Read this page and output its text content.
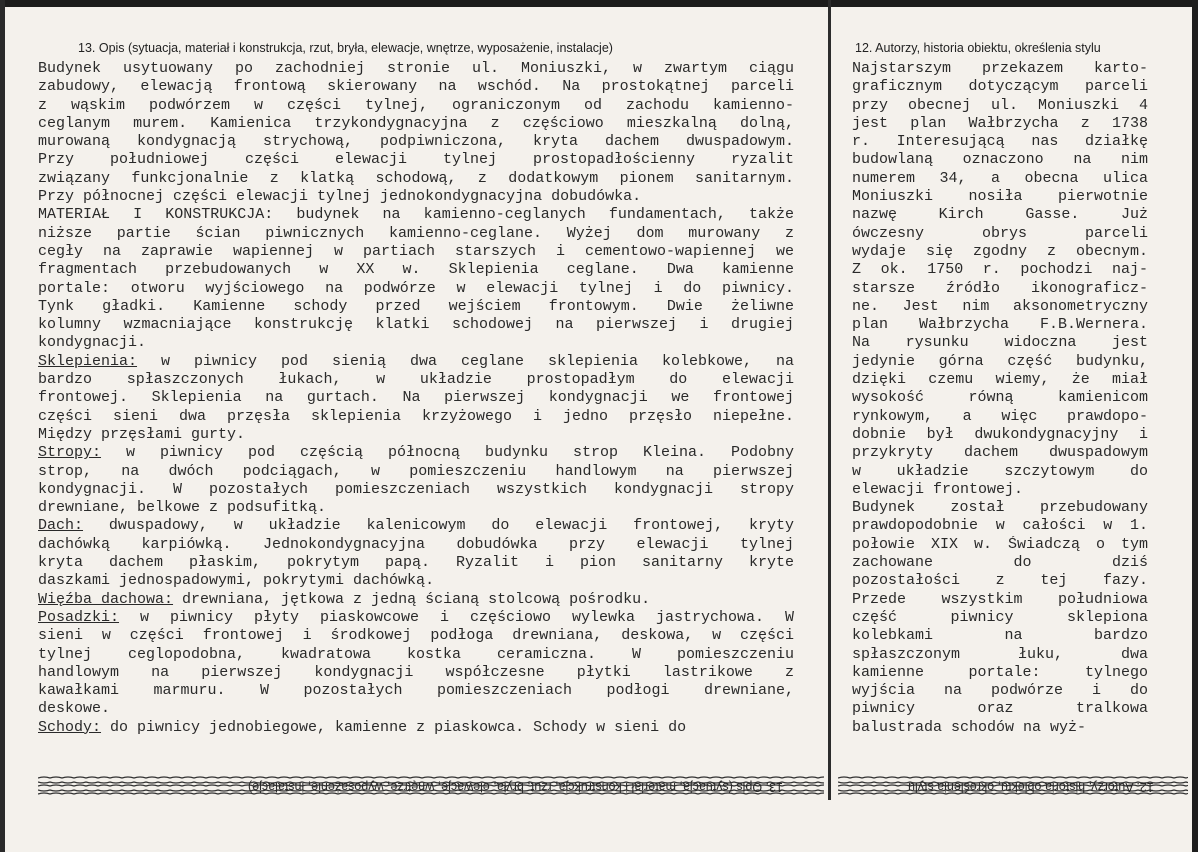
13. Opis (sytuacja, materiał i konstrukcja, rzut, bryła, elewacje, wnętrze, wyposażenie, instalacje)	12. Autorzy, historia obiektu, określenia stylu
Budynek usytuowany po zachodniej stronie ul. Moniuszki, w zwartym ciągu
zabudowy, elewacją frontową skierowany na wschód. Na prostokątnej parceli
z wąskim podwórzem w części tylnej, ograniczonym od zachodu kamienno-
ceglanym murem. Kamienica trzykondygnacyjna z częściowo mieszkalną dolną,
murowaną kondygnacją strychową, podpiwniczona, kryta dachem dwuspadowym.
Przy południowej części elewacji tylnej prostopadłościenny ryzalit
związany funkcjonalnie z klatką schodową, z dodatkowym pionem sanitarnym.
Przy północnej części elewacji tylnej jednokondygnacyjna dobudówka.
MATERIAŁ I KONSTRUKCJA: budynek na kamienno-ceglanych fundamentach, także
niższe partie ścian piwnicznych kamienno-ceglane. Wyżej dom murowany z
cegły na zaprawie wapiennej w partiach starszych i cementowo-wapiennej we
fragmentach przebudowanych w XX w. Sklepienia ceglane. Dwa kamienne
portale: otworu wyjściowego na podwórze w elewacji tylnej i do piwnicy.
Tynk gładki. Kamienne schody przed wejściem frontowym. Dwie żeliwne
kolumny wzmacniające konstrukcję klatki schodowej na pierwszej i drugiej
kondygnacji.
Sklepienia: w piwnicy pod sienią dwa ceglane sklepienia kolebkowe, na
bardzo spłaszczonych łukach, w układzie prostopadłym do elewacji
frontowej. Sklepienia na gurtach. Na pierwszej kondygnacji we frontowej
części sieni dwa przęsła sklepienia krzyżowego i jedno przęsło niepełne.
Między przęsłami gurty.
Stropy: w piwnicy pod częścią północną budynku strop Kleina. Podobny
strop, na dwóch podciągach, w pomieszczeniu handlowym na pierwszej
kondygnacji. W pozostałych pomieszczeniach wszystkich kondygnacji stropy
drewniane, belkowe z podsufitką.
Dach: dwuspadowy, w układzie kalenicowym do elewacji frontowej, kryty
dachówką karpiówką. Jednokondygnacyjna dobudówka przy elewacji tylnej
kryta dachem płaskim, pokrytym papą. Ryzalit i pion sanitarny kryte
daszkami jednospadowymi, pokrytymi dachówką.
Więźba dachowa: drewniana, jętkowa z jedną ścianą stolcową pośrodku.
Posadzki: w piwnicy płyty piaskowcowe i częściowo wylewka jastrychowa. W
sieni w części frontowej i środkowej podłoga drewniana, deskowa, w części
tylnej ceglopodobna, kwadratowa kostka ceramiczna. W pomieszczeniu
handlowym na pierwszej kondygnacji współczesne płytki lastrikowe z
kawałkami marmuru. W pozostałych pomieszczeniach podłogi drewniane,
deskowe.
Schody: do piwnicy jednobiegowe, kamienne z piaskowca. Schody w sieni do
Najstarszym przekazem karto-
graficznym dotyczącym parceli
przy obecnej ul. Moniuszki 4
jest plan Wałbrzycha z 1738
r. Interesującą nas działkę
budowlaną oznaczono na nim
numerem 34, a obecna ulica
Moniuszki nosiła pierwotnie
nazwę Kirch Gasse. Już
ówczesny obrys parceli
wydaje się zgodny z obecnym.
Z ok. 1750 r. pochodzi naj-
starsze źródło ikonograficz-
ne. Jest nim aksonometryczny
plan Wałbrzycha F.B.Wernera.
Na rysunku widoczna jest
jedynie górna część budynku,
dzięki czemu wiemy, że miał
wysokość równą kamienicom
rynkowym, a więc prawdopo-
dobnie był dwukondygnacyjny i
przykryty dachem dwuspadowym
w układzie szczytowym do
elewacji frontowej.
Budynek został przebudowany
prawdopodobnie w całości w 1.
połowie XIX w. Świadczą o tym
zachowane do dziś
pozostałości z tej fazy.
Przede wszystkim południowa
część piwnicy sklepiona
kolebkami na bardzo
spłaszczonym łuku, dwa
kamienne portale: tylnego
wyjścia na podwórze i do
piwnicy oraz tralkowa
balustrada schodów na wyż-
13. Opis (sytuacja, materiał i konstrukcja, rzut, bryła, elewacje, wnętrze, wyposażenie, instalacje)	12. Autorzy, historia obiektu, określenia stylu
